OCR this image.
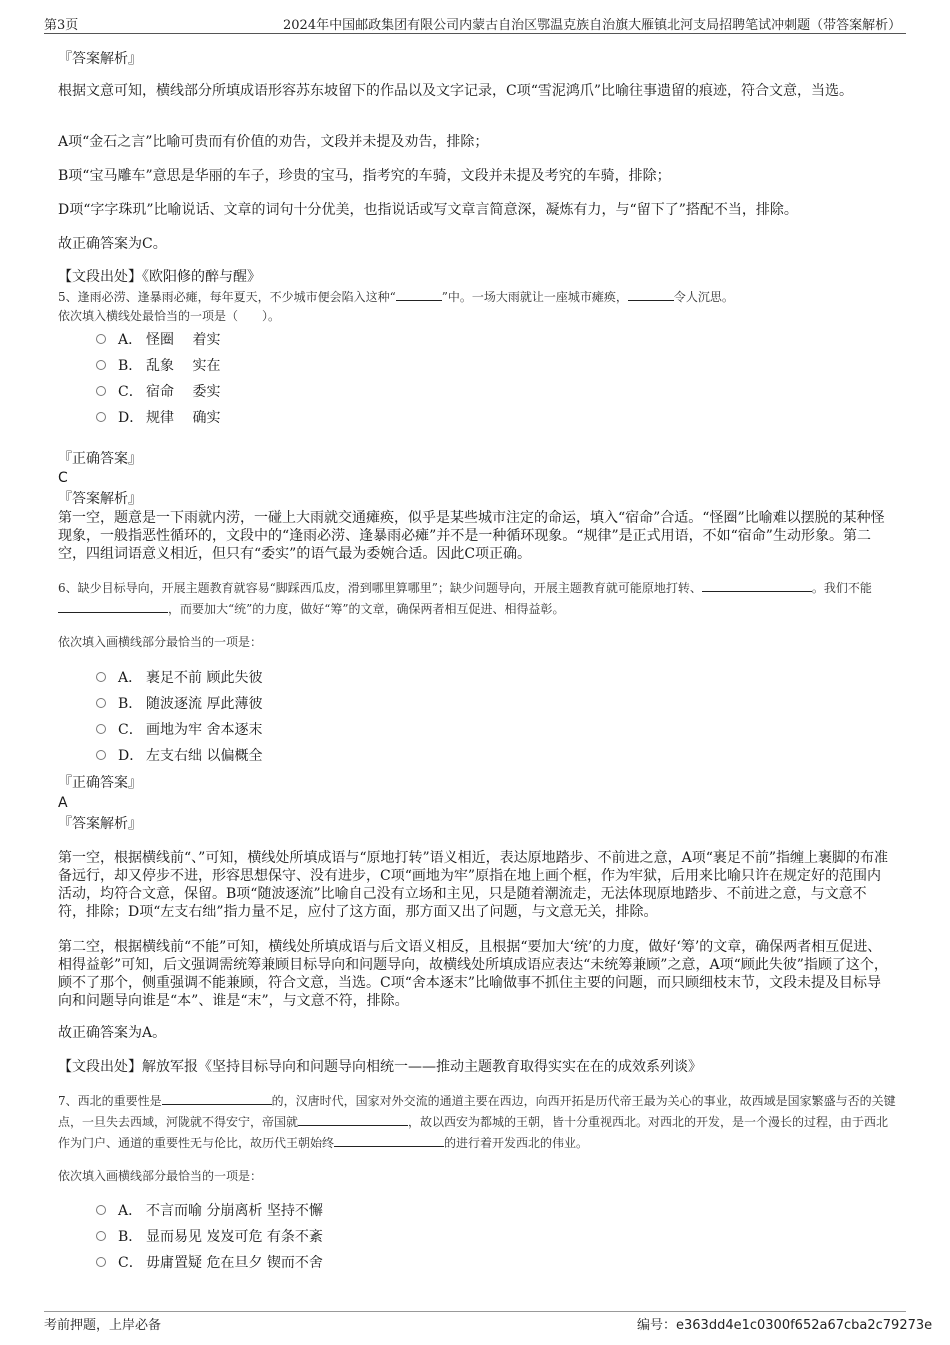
第3页	2024年中国邮政集团有限公司内蒙古自治区鄂温克族自治旗大雁镇北河支局招聘笔试冲刺题（带答案解析）

『答案解析』

根据文意可知，横线部分所填成语形容苏东坡留下的作品以及文字记录，C项“雪泥鸿爪”比喻往事遗留的痕迹，符合文意，当选。

A项“金石之言”比喻可贵而有价值的劝告，文段并未提及劝告，排除；

B项“宝马雕车”意思是华丽的车子，珍贵的宝马，指考究的车骑，文段并未提及考究的车骑，排除；

D项“字字珠玑”比喻说话、文章的词句十分优美，也指说话或写文章言简意深，凝炼有力，与“留下了”搭配不当，排除。

故正确答案为C。

【文段出处】《欧阳修的醉与醒》

5、逢雨必涝、逢暴雨必瘫，每年夏天，不少城市便会陷入这种“	”中。一场大雨就让一座城市瘫痪，	令人沉思。

依次填入横线处最恰当的一项是（　　）。

A． 怪圈　 着实
B． 乱象　 实在
C． 宿命　 委实
D． 规律　 确实

『正确答案』

C

『答案解析』

第一空，题意是一下雨就内涝，一碰上大雨就交通瘫痪，似乎是某些城市注定的命运，填入“宿命”合适。“怪圈”比喻难以摆脱的某种怪现象，一般指恶性循环的，文段中的“逢雨必涝、逢暴雨必瘫”并不是一种循环现象。“规律”是正式用语，不如“宿命”生动形象。第二空，四组词语意义相近，但只有“委实”的语气最为委婉合适。因此C项正确。

6、缺少目标导向，开展主题教育就容易“脚踩西瓜皮，滑到哪里算哪里”；缺少问题导向，开展主题教育就可能原地打转、	。我们不能，而要加大“统”的力度，做好“筹”的文章，确保两者相互促进、相得益彰。

依次填入画横线部分最恰当的一项是：

A． 裹足不前 顾此失彼
B． 随波逐流 厚此薄彼
C． 画地为牢 舍本逐末
D． 左支右绌 以偏概全

『正确答案』

A

『答案解析』

第一空，根据横线前“、”可知，横线处所填成语与“原地打转”语义相近，表达原地踏步、不前进之意，A项“裹足不前”指缠上裹脚的布准备远行，却又停步不进，形容思想保守、没有进步，C项“画地为牢”原指在地上画个框，作为牢狱，后用来比喻只许在规定好的范围内活动，均符合文意，保留。B项“随波逐流”比喻自己没有立场和主见，只是随着潮流走，无法体现原地踏步、不前进之意，与文意不符，排除；D项“左支右绌”指力量不足，应付了这方面，那方面又出了问题，与文意无关，排除。

第二空，根据横线前“不能”可知，横线处所填成语与后文语义相反，且根据“要加大‘统’的力度，做好‘筹’的文章，确保两者相互促进、相得益彰”可知，后文强调需统筹兼顾目标导向和问题导向，故横线处所填成语应表达“未统筹兼顾”之意，A项“顾此失彼”指顾了这个，顾不了那个，侧重强调不能兼顾，符合文意，当选。C项“舍本逐末”比喻做事不抓住主要的问题，而只顾细枝末节，文段未提及目标导向和问题导向谁是“本”、谁是“末”，与文意不符，排除。

故正确答案为A。

【文段出处】解放军报《坚持目标导向和问题导向相统一——推动主题教育取得实实在在的成效系列谈》

7、西北的重要性是	的，汉唐时代，国家对外交流的通道主要在西边，向西开拓是历代帝王最为关心的事业，故西域是国家繁盛与否的关键点，一旦失去西域，河陇就不得安宁，帝国就	，故以西安为都城的王朝，皆十分重视西北。对西北的开发，是一个漫长的过程，由于西北作为门户、通道的重要性无与伦比，故历代王朝始终	的进行着开发西北的伟业。

依次填入画横线部分最恰当的一项是：

A． 不言而喻 分崩离析 坚持不懈
B． 显而易见 岌岌可危 有条不紊
C． 毋庸置疑 危在旦夕 锲而不舍
考前押题，上岸必备	编号：e363dd4e1c0300f652a67cba2c79273e
